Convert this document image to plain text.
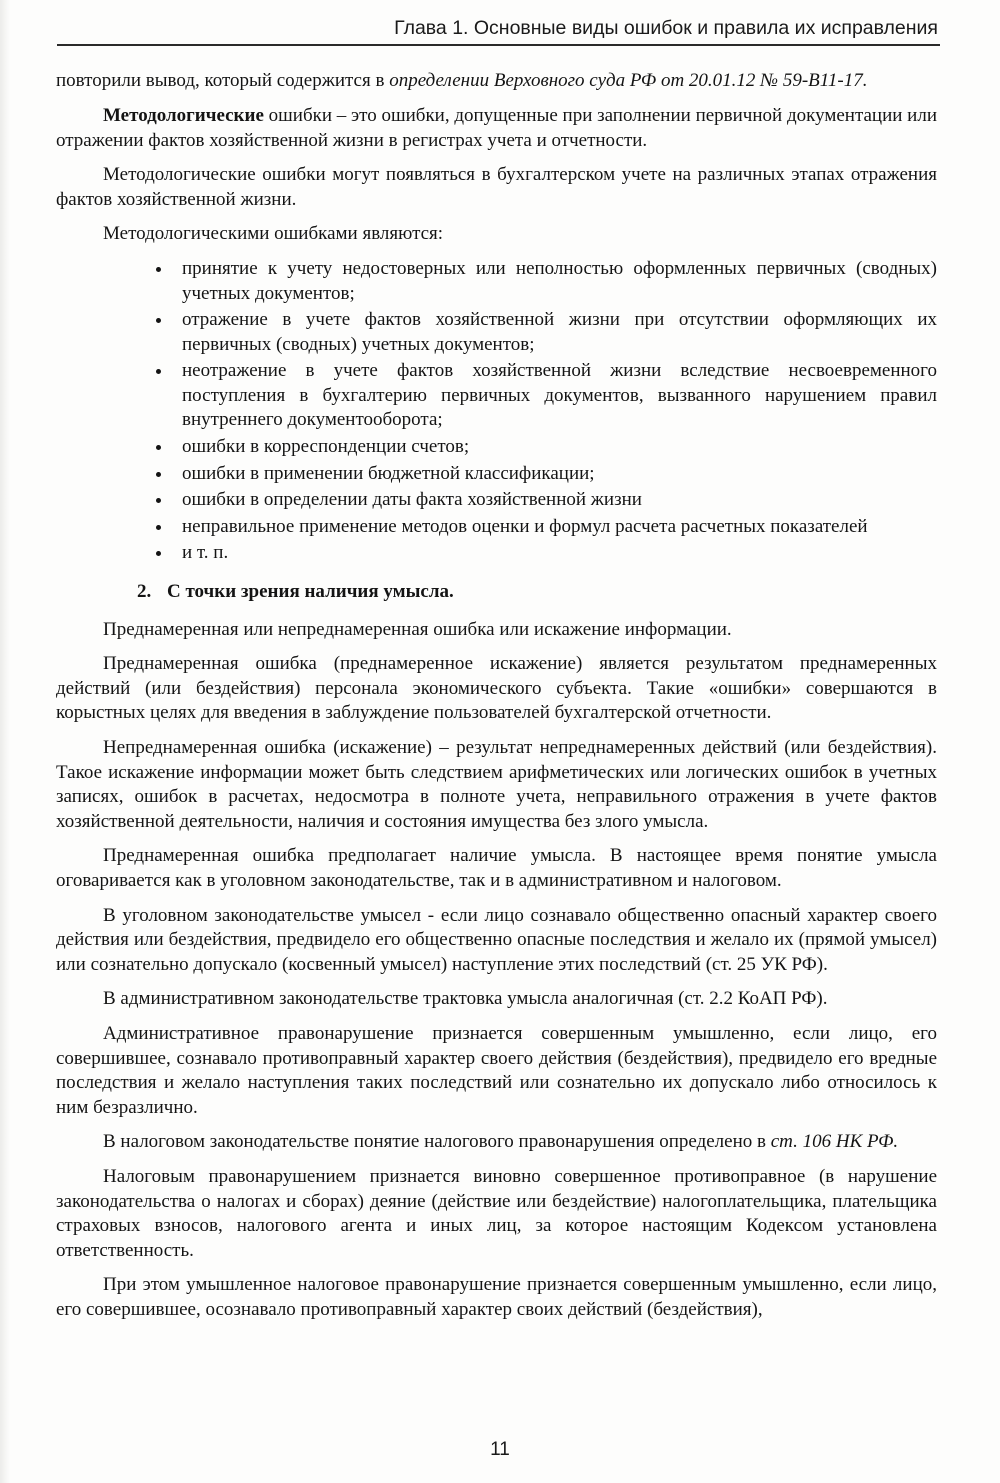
Глава 1. Основные виды ошибок и правила их исправления

повторили вывод, который содержится в определении Верховного суда РФ от 20.01.12 № 59-В11-17.

Методологические ошибки – это ошибки, допущенные при заполнении первичной документации или отражении фактов хозяйственной жизни в регистрах учета и отчетности.

Методологические ошибки могут появляться в бухгалтерском учете на различных этапах отражения фактов хозяйственной жизни.

Методологическими ошибками являются:

• принятие к учету недостоверных или неполностью оформленных первичных (сводных) учетных документов;
• отражение в учете фактов хозяйственной жизни при отсутствии оформляющих их первичных (сводных) учетных документов;
• неотражение в учете фактов хозяйственной жизни вследствие несвоевременного поступления в бухгалтерию первичных документов, вызванного нарушением правил внутреннего документооборота;
• ошибки в корреспонденции счетов;
• ошибки в применении бюджетной классификации;
• ошибки в определении даты факта хозяйственной жизни
• неправильное применение методов оценки и формул расчета расчетных показателей
• и т. п.
2. С точки зрения наличия умысла.

Преднамеренная или непреднамеренная ошибка или искажение информации.

Преднамеренная ошибка (преднамеренное искажение) является результатом преднамеренных действий (или бездействия) персонала экономического субъекта. Такие «ошибки» совершаются в корыстных целях для введения в заблуждение пользователей бухгалтерской отчетности.

Непреднамеренная ошибка (искажение) – результат непреднамеренных действий (или бездействия). Такое искажение информации может быть следствием арифметических или логических ошибок в учетных записях, ошибок в расчетах, недосмотра в полноте учета, неправильного отражения в учете фактов хозяйственной деятельности, наличия и состояния имущества без злого умысла.

Преднамеренная ошибка предполагает наличие умысла. В настоящее время понятие умысла оговаривается как в уголовном законодательстве, так и в административном и налоговом.

В уголовном законодательстве умысел - если лицо сознавало общественно опасный характер своего действия или бездействия, предвидело его общественно опасные последствия и желало их (прямой умысел) или сознательно допускало (косвенный умысел) наступление этих последствий (ст. 25 УК РФ).

В административном законодательстве трактовка умысла аналогичная (ст. 2.2 КоАП РФ).

Административное правонарушение признается совершенным умышленно, если лицо, его совершившее, сознавало противоправный характер своего действия (бездействия), предвидело его вредные последствия и желало наступления таких последствий или сознательно их допускало либо относилось к ним безразлично.

В налоговом законодательстве понятие налогового правонарушения определено в ст. 106 НК РФ.

Налоговым правонарушением признается виновно совершенное противоправное (в нарушение законодательства о налогах и сборах) деяние (действие или бездействие) налогоплательщика, плательщика страховых взносов, налогового агента и иных лиц, за которое настоящим Кодексом установлена ответственность.

При этом умышленное налоговое правонарушение признается совершенным умышленно, если лицо, его совершившее, осознавало противоправный характер своих действий (бездействия),

11
